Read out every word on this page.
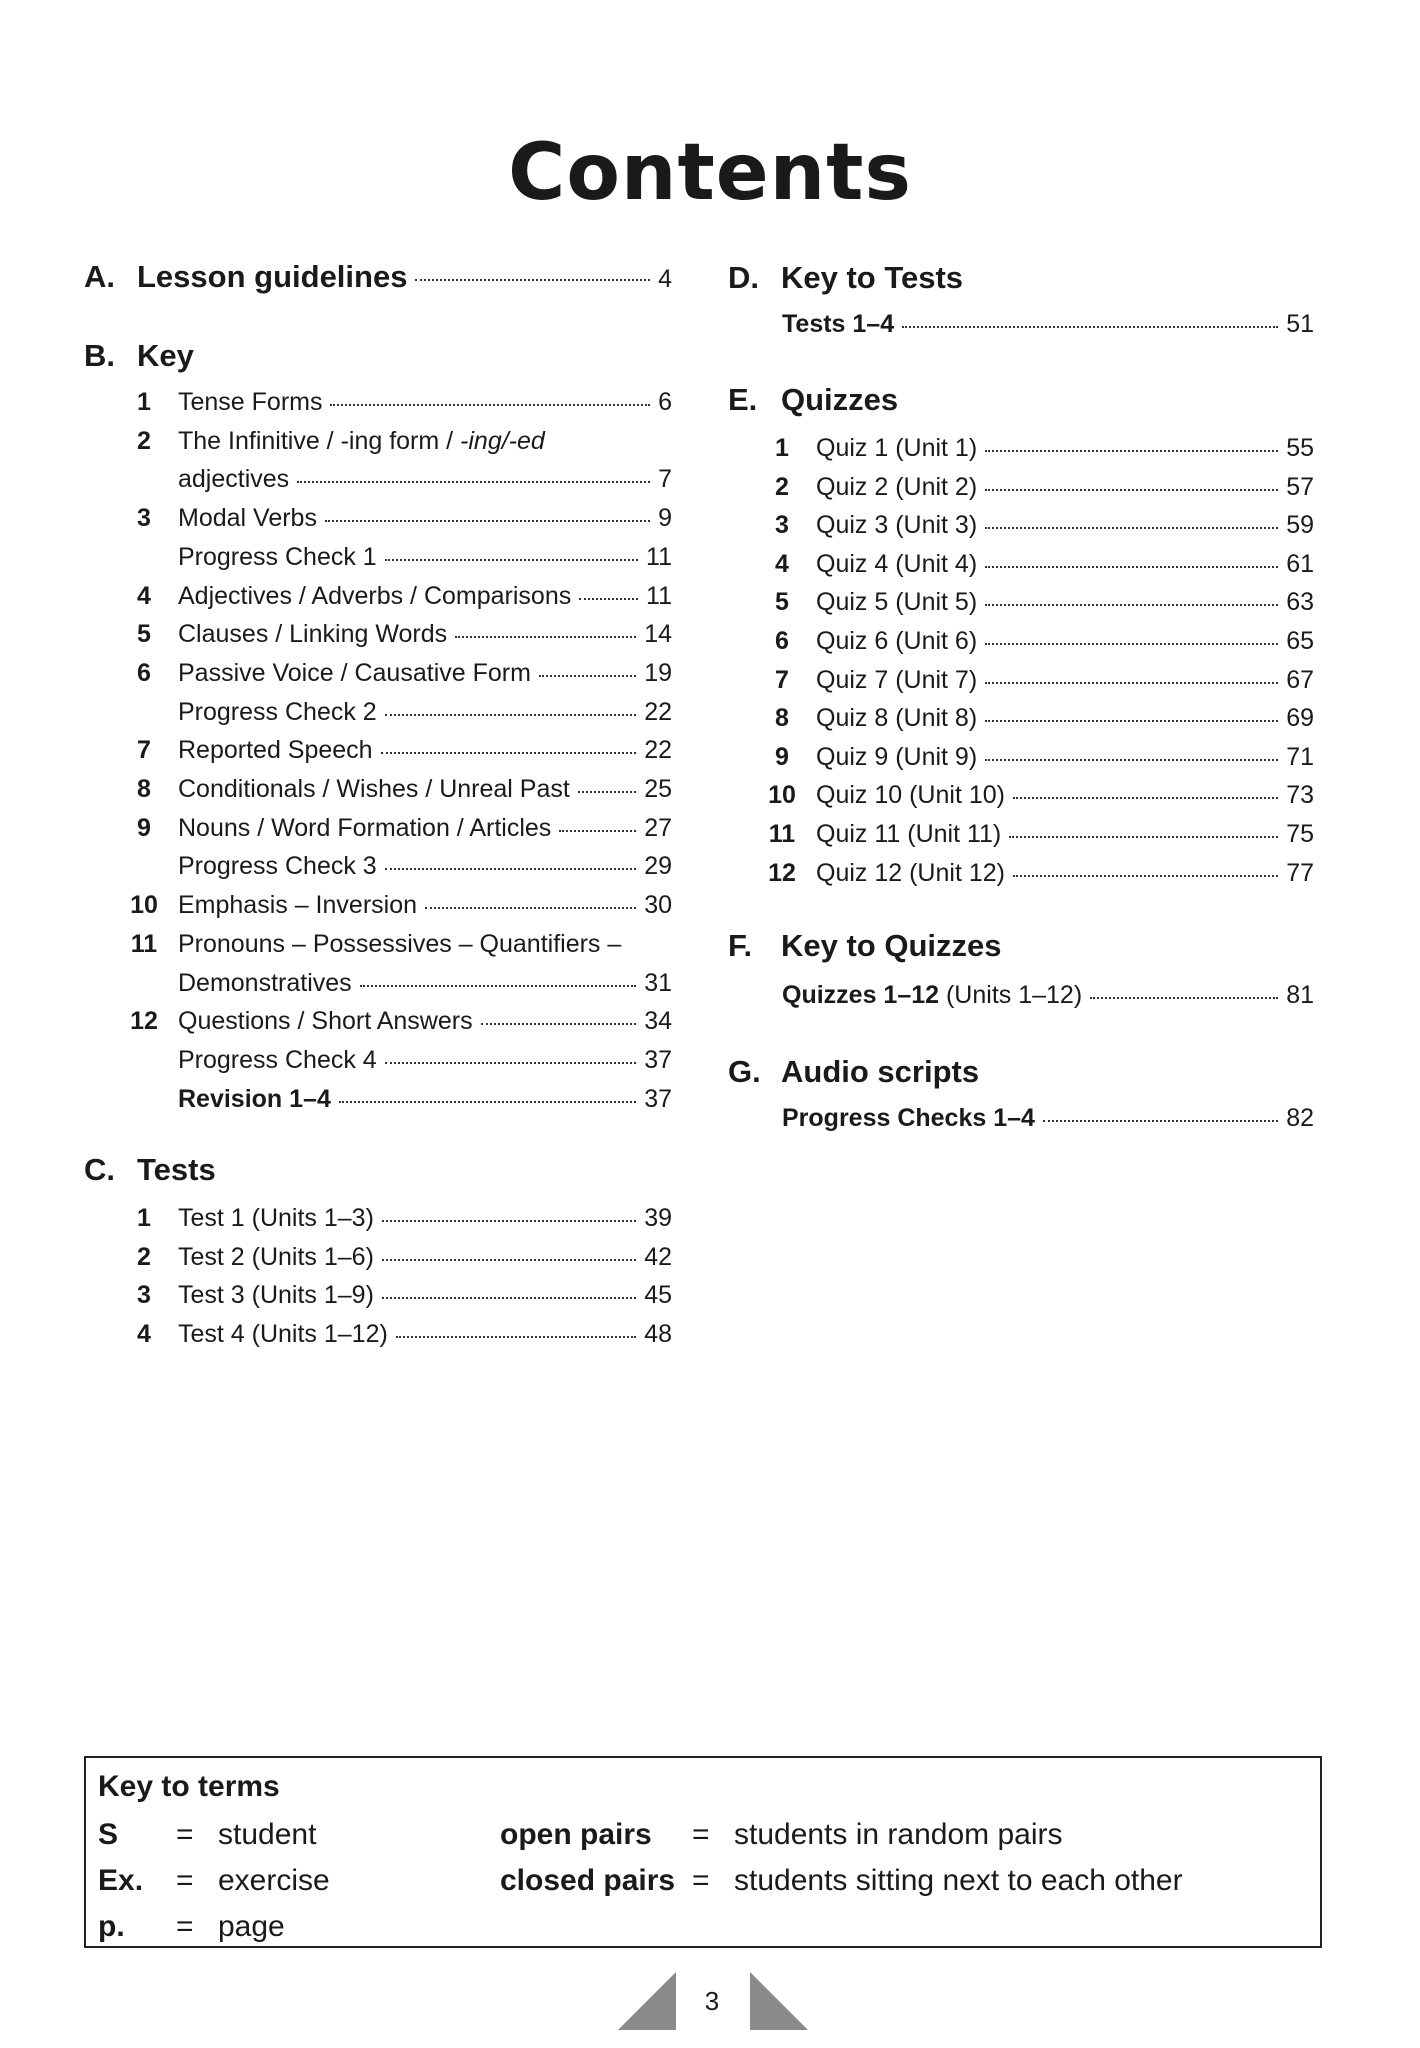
Contents
A. Lesson guidelines	4
B. Key
1	Tense Forms	6
2	The Infinitive / -ing form / -ing/-ed
adjectives	7
3	Modal Verbs	9
Progress Check 1	11
4	Adjectives / Adverbs / Comparisons	11
5	Clauses / Linking Words	14
6	Passive Voice / Causative Form	19
Progress Check 2	22
7	Reported Speech	22
8	Conditionals / Wishes / Unreal Past	25
9	Nouns / Word Formation / Articles	27
Progress Check 3	29
10 Emphasis – Inversion	30
11 Pronouns – Possessives – Quantifiers –
Demonstratives	31
12 Questions / Short Answers	34
Progress Check 4	37
Revision 1–4	37
C. Tests
1	Test 1 (Units 1–3)	39
2	Test 2 (Units 1–6)	42
3	Test 3 (Units 1–9)	45
4	Test 4 (Units 1–12)	48
D. Key to Tests
Tests 1–4	51
E. Quizzes
1	Quiz 1 (Unit 1)	55
2	Quiz 2 (Unit 2)	57
3	Quiz 3 (Unit 3)	59
4	Quiz 4 (Unit 4)	61
5	Quiz 5 (Unit 5)	63
6	Quiz 6 (Unit 6)	65
7	Quiz 7 (Unit 7)	67
8	Quiz 8 (Unit 8)	69
9	Quiz 9 (Unit 9)	71
10 Quiz 10 (Unit 10)	73
11 Quiz 11 (Unit 11)	75
12 Quiz 12 (Unit 12)	77
F. Key to Quizzes
Quizzes 1–12 (Units 1–12)	81
G. Audio scripts
Progress Checks 1–4	82
Key to terms
S = student
Ex. = exercise
p. = page
open pairs = students in random pairs
closed pairs = students sitting next to each other
3
